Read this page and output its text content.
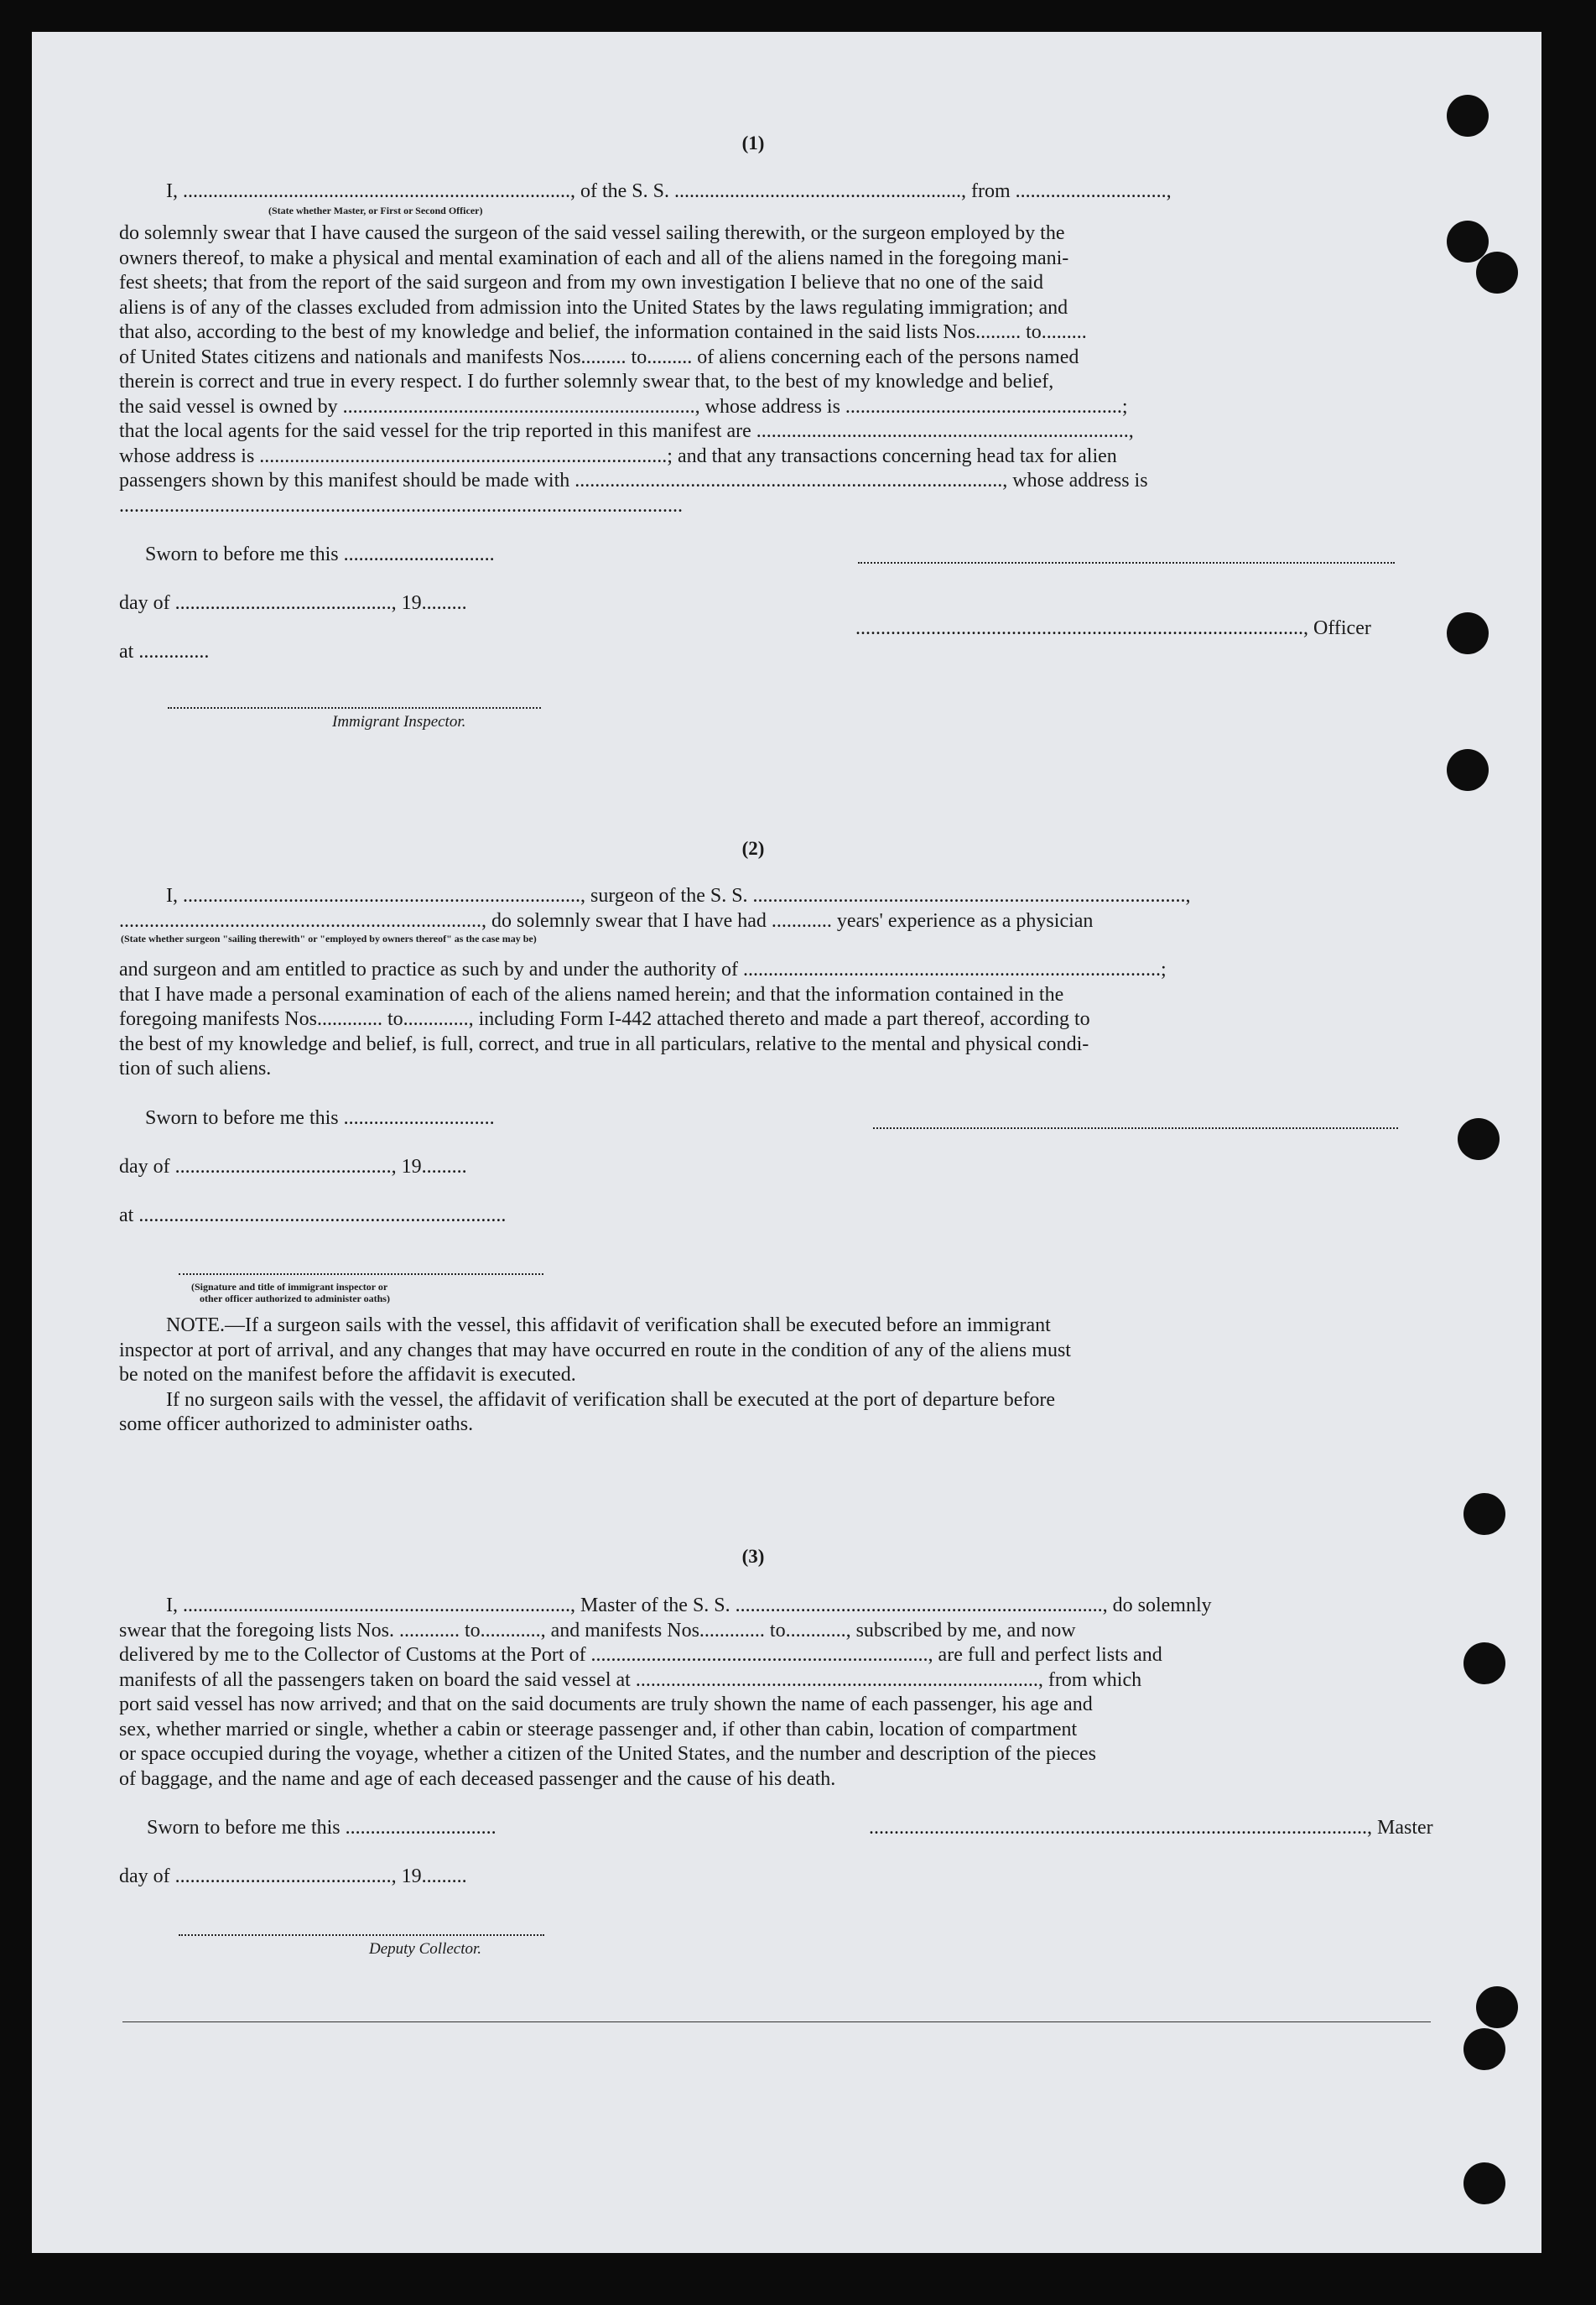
(1)
I, ............................................................................., of the S. S. ........................................................., from ..............................,
(State whether Master, or First or Second Officer)
do solemnly swear that I have caused the surgeon of the said vessel sailing therewith, or the surgeon employed by the
owners thereof, to make a physical and mental examination of each and all of the aliens named in the foregoing mani-
fest sheets; that from the report of the said surgeon and from my own investigation I believe that no one of the said
aliens is of any of the classes excluded from admission into the United States by the laws regulating immigration; and
that also, according to the best of my knowledge and belief, the information contained in the said lists Nos......... to.........
of United States citizens and nationals and manifests Nos......... to......... of aliens concerning each of the persons named
therein is correct and true in every respect. I do further solemnly swear that, to the best of my knowledge and belief,
the said vessel is owned by ......................................................................, whose address is .......................................................;
that the local agents for the said vessel for the trip reported in this manifest are ..........................................................................,
whose address is .................................................................................; and that any transactions concerning head tax for alien
passengers shown by this manifest should be made with ....................................................................................., whose address is
................................................................................................................
Sworn to before me this ..............................
day of ..........................................., 19.........
........................................................................................., Officer
at ..............
Immigrant Inspector.
(2)
I, ..............................................................................., surgeon of the S. S. ......................................................................................,
........................................................................, do solemnly swear that I have had ............ years' experience as a physician
(State whether surgeon "sailing therewith" or "employed by owners thereof" as the case may be)
and surgeon and am entitled to practice as such by and under the authority of ...................................................................................;
that I have made a personal examination of each of the aliens named herein; and that the information contained in the
foregoing manifests Nos............. to............., including Form I-442 attached thereto and made a part thereof, according to
the best of my knowledge and belief, is full, correct, and true in all particulars, relative to the mental and physical condi-
tion of such aliens.
Sworn to before me this ..............................
day of ..........................................., 19.........
at .........................................................................
(Signature and title of immigrant inspector or
other officer authorized to administer oaths)
NOTE.—If a surgeon sails with the vessel, this affidavit of verification shall be executed before an immigrant
inspector at port of arrival, and any changes that may have occurred en route in the condition of any of the aliens must
be noted on the manifest before the affidavit is executed.
If no surgeon sails with the vessel, the affidavit of verification shall be executed at the port of departure before
some officer authorized to administer oaths.
(3)
I, ............................................................................., Master of the S. S. ........................................................................., do solemnly
swear that the foregoing lists Nos. ............ to............, and manifests Nos............. to............, subscribed by me, and now
delivered by me to the Collector of Customs at the Port of ..................................................................., are full and perfect lists and
manifests of all the passengers taken on board the said vessel at ................................................................................, from which
port said vessel has now arrived; and that on the said documents are truly shown the name of each passenger, his age and
sex, whether married or single, whether a cabin or steerage passenger and, if other than cabin, location of compartment
or space occupied during the voyage, whether a citizen of the United States, and the number and description of the pieces
of baggage, and the name and age of each deceased passenger and the cause of his death.
Sworn to before me this ..............................	..................................................................................................., Master
day of ..........................................., 19.........
Deputy Collector.
